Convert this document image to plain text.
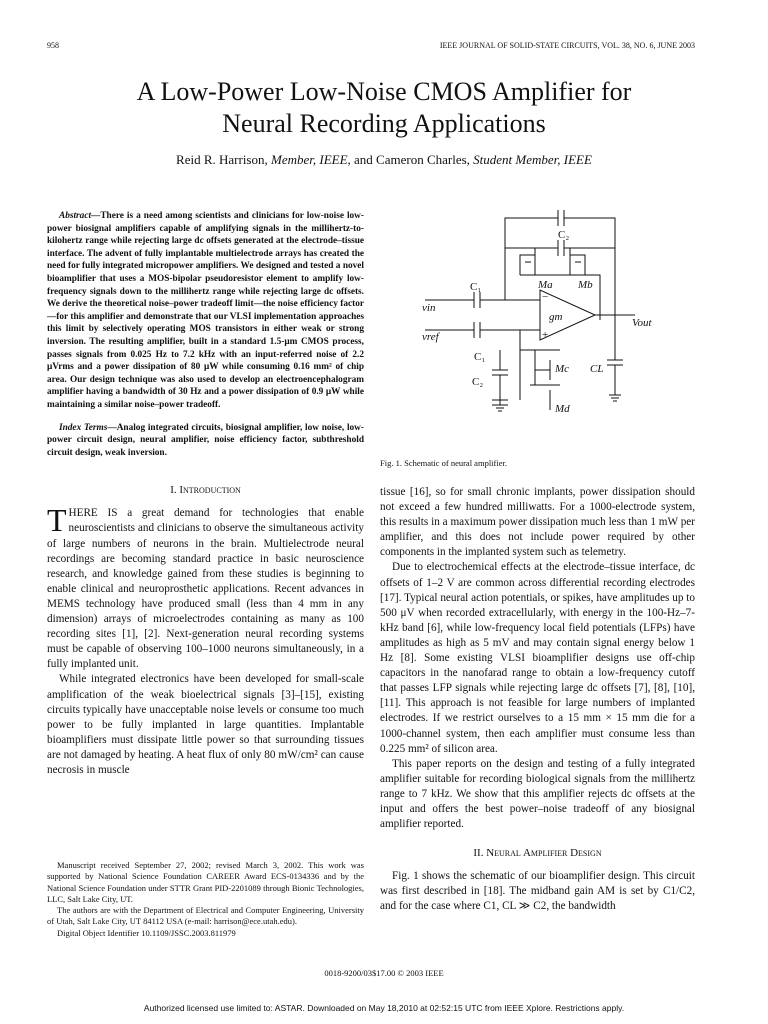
958	IEEE JOURNAL OF SOLID-STATE CIRCUITS, VOL. 38, NO. 6, JUNE 2003
A Low-Power Low-Noise CMOS Amplifier for
Neural Recording Applications
Reid R. Harrison, Member, IEEE, and Cameron Charles, Student Member, IEEE
Abstract—There is a need among scientists and clinicians for low-noise low-power biosignal amplifiers capable of amplifying signals in the millihertz-to-kilohertz range while rejecting large dc offsets generated at the electrode–tissue interface. The advent of fully implantable multielectrode arrays has created the need for fully integrated micropower amplifiers. We designed and tested a novel bioamplifier that uses a MOS-bipolar pseudoresistor element to amplify low-frequency signals down to the millihertz range while rejecting large dc offsets. We derive the theoretical noise–power tradeoff limit—the noise efficiency factor—for this amplifier and demonstrate that our VLSI implementation approaches this limit by selectively operating MOS transistors in either weak or strong inversion. The resulting amplifier, built in a standard 1.5-μm CMOS process, passes signals from 0.025 Hz to 7.2 kHz with an input-referred noise of 2.2 μVrms and a power dissipation of 80 μW while consuming 0.16 mm² of chip area. Our design technique was also used to develop an electroencephalogram amplifier having a bandwidth of 30 Hz and a power dissipation of 0.9 μW while maintaining a similar noise–power tradeoff.
Index Terms—Analog integrated circuits, biosignal amplifier, low noise, low-power circuit design, neural amplifier, noise efficiency factor, subthreshold circuit design, weak inversion.
I. Introduction

THERE IS a great demand for technologies that enable neuroscientists and clinicians to observe the simultaneous activity of large numbers of neurons in the brain. Multielectrode neural recordings are becoming standard practice in basic neuroscience research, and knowledge gained from these studies is beginning to enable clinical and neuroprosthetic applications. Recent advances in MEMS technology have produced small (less than 4 mm in any dimension) arrays of microelectrodes containing as many as 100 recording sites [1], [2]. Next-generation neural recording systems must be capable of observing 100–1000 neurons simultaneously, in a fully implanted unit.

While integrated electronics have been developed for small-scale amplification of the weak bioelectrical signals [3]–[15], existing circuits typically have unacceptable noise levels or consume too much power to be fully implanted in large quantities. Implantable bioamplifiers must dissipate little power so that surrounding tissues are not damaged by heating. A heat flux of only 80 mW/cm² can cause necrosis in muscle

Manuscript received September 27, 2002; revised March 3, 2002. This work was supported by National Science Foundation CAREER Award ECS-0134336 and by the National Science Foundation under STTR Grant PID-2201089 through Bionic Technologies, LLC, Salt Lake City, UT.

The authors are with the Department of Electrical and Computer Engineering, University of Utah, Salt Lake City, UT 84112 USA (e-mail: harrison@ece.utah.edu).

Digital Object Identifier 10.1109/JSSC.2003.811979

C₂
C₁	Ma Mb
vin
vref
gm
−
+
Vout
C₁
C₂
Mc CL
Md
Fig. 1. Schematic of neural amplifier.

tissue [16], so for small chronic implants, power dissipation should not exceed a few hundred milliwatts. For a 1000-electrode system, this results in a maximum power dissipation much less than 1 mW per amplifier, and this does not include power required by other components in the implanted system such as telemetry.

Due to electrochemical effects at the electrode–tissue interface, dc offsets of 1–2 V are common across differential recording electrodes [17]. Typical neural action potentials, or spikes, have amplitudes up to 500 μV when recorded extracellularly, with energy in the 100-Hz–7-kHz band [6], while low-frequency local field potentials (LFPs) have amplitudes as high as 5 mV and may contain signal energy below 1 Hz [8]. Some existing VLSI bioamplifier designs use off-chip capacitors in the nanofarad range to obtain a low-frequency cutoff that passes LFP signals while rejecting large dc offsets [7], [8], [10], [11]. This approach is not feasible for large numbers of implanted electrodes. If we restrict ourselves to a 15 mm × 15 mm die for a 1000-channel system, then each amplifier must consume less than 0.225 mm² of silicon area.

This paper reports on the design and testing of a fully integrated amplifier suitable for recording biological signals from the millihertz range to 7 kHz. We show that this amplifier rejects dc offsets at the input and offers the best power–noise tradeoff of any biosignal amplifier reported.

II. Neural Amplifier Design

Fig. 1 shows the schematic of our bioamplifier design. This circuit was first described in [18]. The midband gain AM is set by C1/C2, and for the case where C1, CL ≫ C2, the bandwidth

0018-9200/03$17.00 © 2003 IEEE
Authorized licensed use limited to: ASTAR. Downloaded on May 18,2010 at 02:52:15 UTC from IEEE Xplore. Restrictions apply.
